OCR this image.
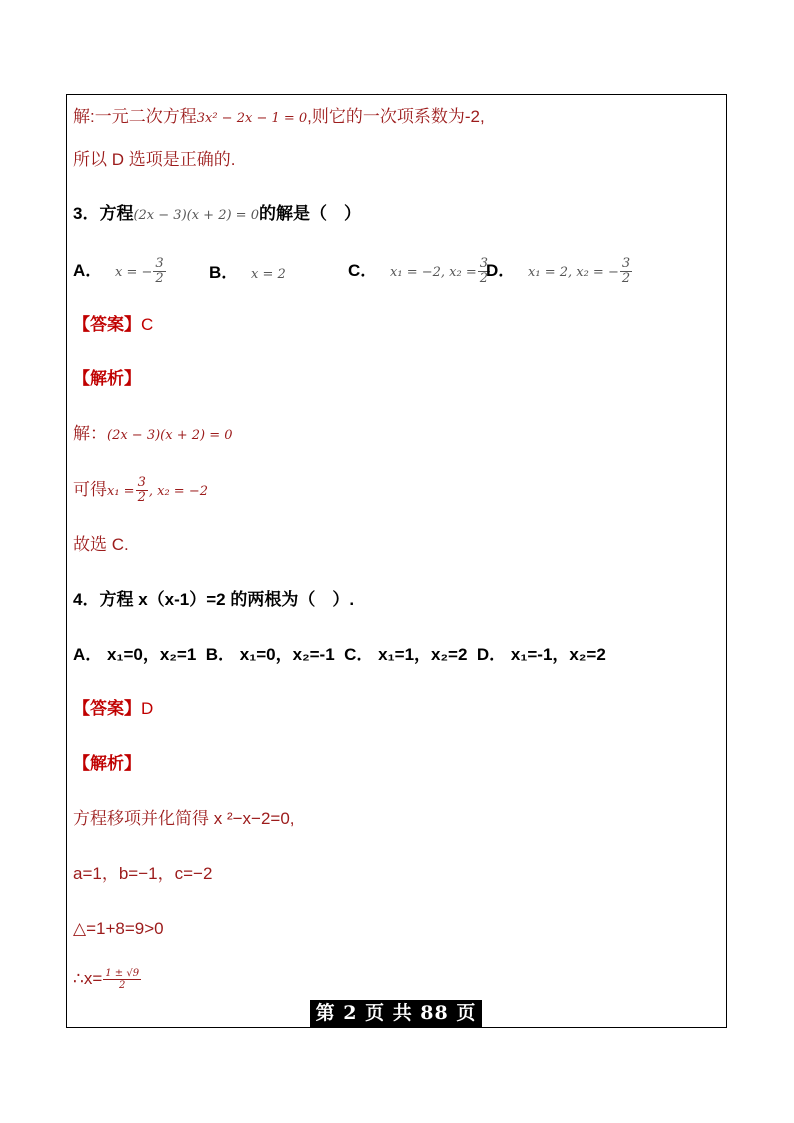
解:一元二次方程3x² − 2x − 1 = 0,则它的一次项系数为-2,
所以 D 选项是正确的.
3．方程(2x − 3)(x + 2) = 0的解是（　）
A． x = − $\frac{3}{2}$	B． x = 2	C． x₁ = −2, $x_2 = \frac{3}{2}$
D． x₁ = 2, x₂ = − $\frac{3}{2}$
【答案】C
【解析】
解：(2x − 3)(x + 2) = 0
可得$x_1 = \frac{3}{2}$ , x₂ = −2
故选 C.
4．方程 x（x-1）=2 的两根为（　）.
A． x₁=0，x₂=1 B． x₁=0，x₂=-1 C． x₁=1，x₂=2 D． x₁=-1，x₂=2
【答案】D
【解析】
方程移项并化简得 x ²−x−2=0,
a=1，b=−1，c=−2
△=1+8=9>0
∴x= $\frac{1 \pm √9}{2}$
第 2 页 共 88 页
